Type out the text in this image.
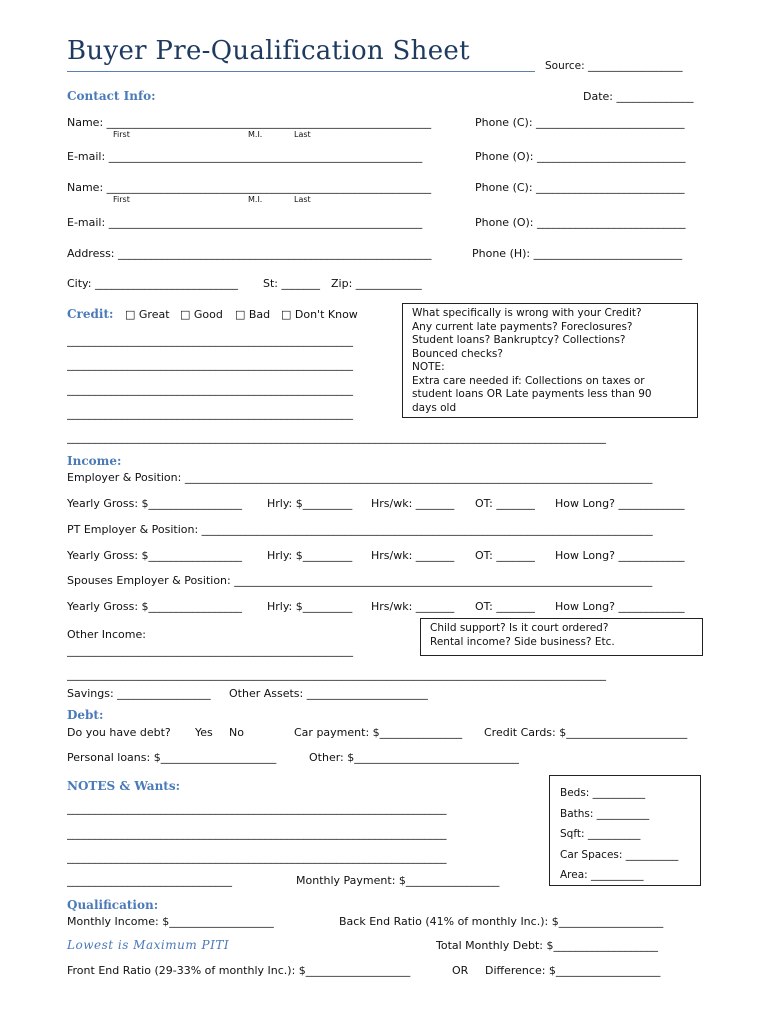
Buyer Pre-Qualification Sheet	Source: __________________
Contact Info:	Date: ______________
Name: ___________________________________________________________	Phone (C): ___________________________
First	M.I.	Last
E-mail: _________________________________________________________	Phone (O): ___________________________
Name: ___________________________________________________________	Phone (C): ___________________________
First	M.I.	Last
E-mail: _________________________________________________________	Phone (O): ___________________________
Address: _________________________________________________________	Phone (H): ___________________________
City: __________________________	St: _______ Zip: ____________
Credit: □ Great □ Good □ Bad □ Don't Know
____________________________________________________
____________________________________________________
____________________________________________________
____________________________________________________
__________________________________________________________________________________________________
What specifically is wrong with your Credit?
Any current late payments? Foreclosures?
Student loans? Bankruptcy? Collections?
Bounced checks?
NOTE:
Extra care needed if: Collections on taxes or
student loans OR Late payments less than 90
days old
Income:
Employer & Position: _____________________________________________________________________________________
Yearly Gross: $_________________	Hrly: $_________	Hrs/wk: _______ OT: _______ How Long? ____________
PT Employer & Position: __________________________________________________________________________________
Yearly Gross: $_________________	Hrly: $_________	Hrs/wk: _______ OT: _______ How Long? ____________
Spouses Employer & Position: ____________________________________________________________________________
Yearly Gross: $_________________	Hrly: $_________	Hrs/wk: _______ OT: _______ How Long? ____________
Other Income:
____________________________________________________
__________________________________________________________________________________________________
Child support? Is it court ordered?
Rental income? Side business? Etc.
Savings: _________________	Other Assets: ______________________
Debt:
Do you have debt? Yes No	Car payment: $_______________	Credit Cards: $______________________
Personal loans: $_____________________	Other: $______________________________
NOTES & Wants:
_____________________________________________________________________
_____________________________________________________________________
_____________________________________________________________________
______________________________	Monthly Payment: $_________________
Beds: __________
Baths: __________
Sqft: __________
Car Spaces: __________
Area: __________
Qualification:
Monthly Income: $___________________	Back End Ratio (41% of monthly Inc.): $___________________
Lowest is Maximum PITI	Total Monthly Debt: $___________________
Front End Ratio (29-33% of monthly Inc.): $___________________	OR Difference: $___________________
